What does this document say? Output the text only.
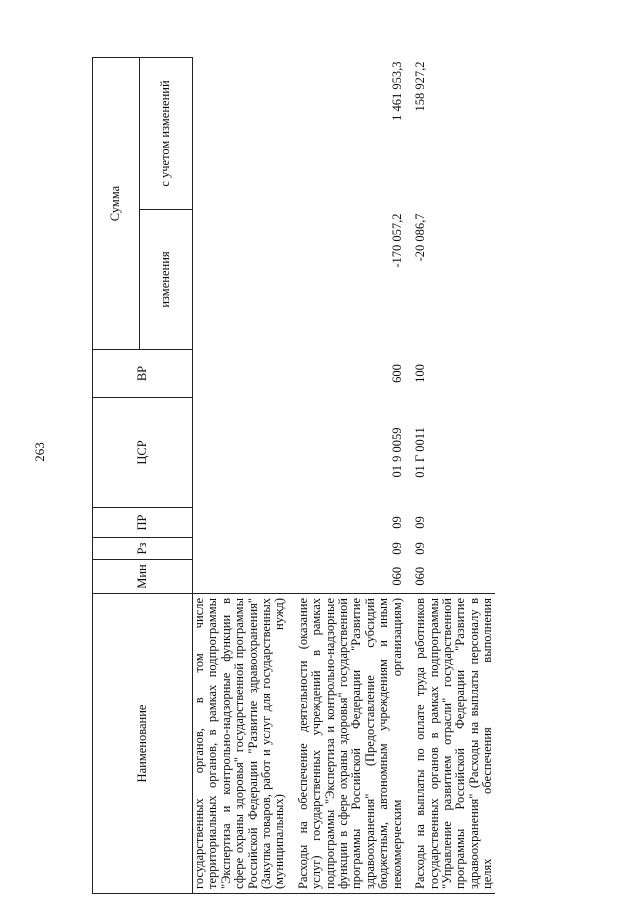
263
Наименование	Мин	Рз	ПР	ЦСР	ВР	Сумма	
						изменения	с учетом изменений

государственных органов, в том числе территориальных органов, в рамках подпрограммы "Экспертиза и контрольно-надзорные функции в сфере охраны здоровья" государственной программы Российской Федерации "Развитие здравоохранения" (Закупка товаров, работ и услуг для государственных (муниципальных) нужд)							

Расходы на обеспечение деятельности (оказание услуг) государственных учреждений в рамках подпрограммы "Экспертиза и контрольно-надзорные функции в сфере охраны здоровья" государственной программы Российской Федерации "Развитие здравоохранения" (Предоставление субсидий бюджетным, автономным учреждениям и иным некоммерческим организациям)	060	09	09	01 9 0059	600	-170 057,2	1 461 953,3

Расходы на выплаты по оплате труда работников государственных органов в рамках подпрограммы "Управление развитием отрасли" государственной программы Российской Федерации "Развитие здравоохранения" (Расходы на выплаты персоналу в целях обеспечения выполнения	060	09	09	01 Г 0011	100	-20 086,7	158 927,2
